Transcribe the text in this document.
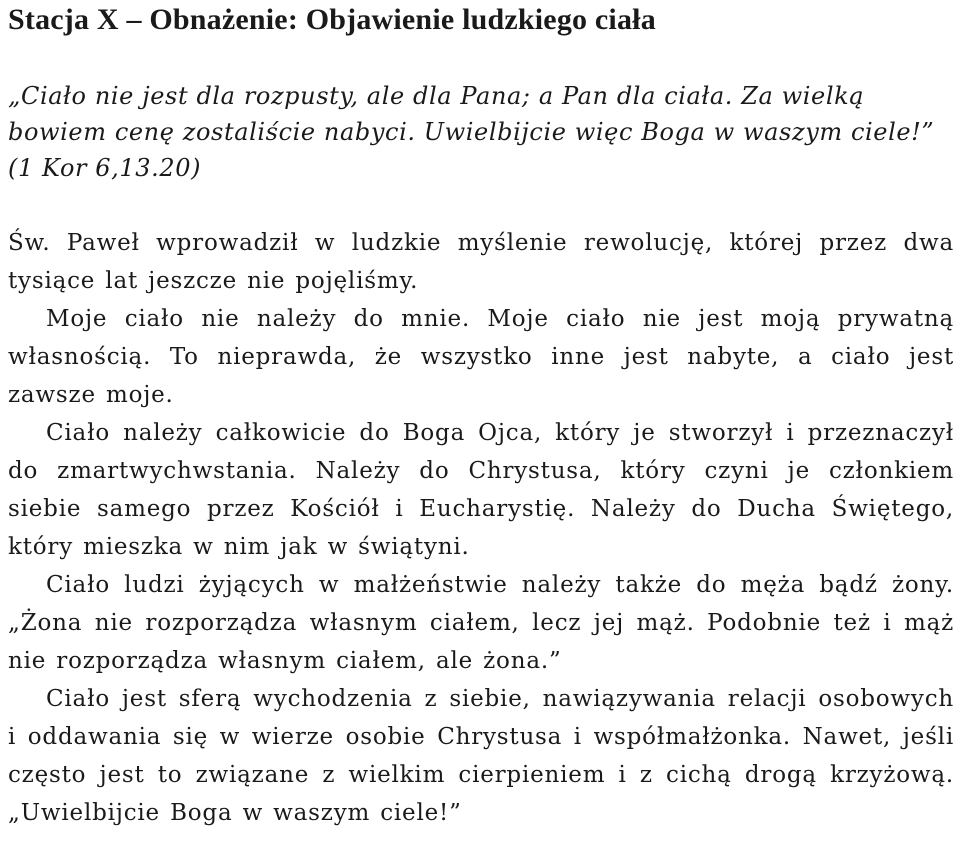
Stacja X – Obnażenie: Objawienie ludzkiego ciała

„Ciało nie jest dla rozpusty, ale dla Pana; a Pan dla ciała. Za wielką bowiem cenę zostaliście nabyci. Uwielbijcie więc Boga w waszym ciele!” (1 Kor 6,13.20)

Św. Paweł wprowadził w ludzkie myślenie rewolucję, której przez dwa tysiące lat jeszcze nie pojęliśmy.

Moje ciało nie należy do mnie. Moje ciało nie jest moją prywatną własnością. To nieprawda, że wszystko inne jest nabyte, a ciało jest zawsze moje.

Ciało należy całkowicie do Boga Ojca, który je stworzył i przeznaczył do zmartwychwstania. Należy do Chrystusa, który czyni je członkiem siebie samego przez Kościół i Eucharystię. Należy do Ducha Świętego, który mieszka w nim jak w świątyni.

Ciało ludzi żyjących w małżeństwie należy także do męża bądź żony. „Żona nie rozporządza własnym ciałem, lecz jej mąż. Podobnie też i mąż nie rozporządza własnym ciałem, ale żona.”

Ciało jest sferą wychodzenia z siebie, nawiązywania relacji osobowych i oddawania się w wierze osobie Chrystusa i współmałżonka. Nawet, jeśli często jest to związane z wielkim cierpieniem i z cichą drogą krzyżową. „Uwielbijcie Boga w waszym ciele!”
